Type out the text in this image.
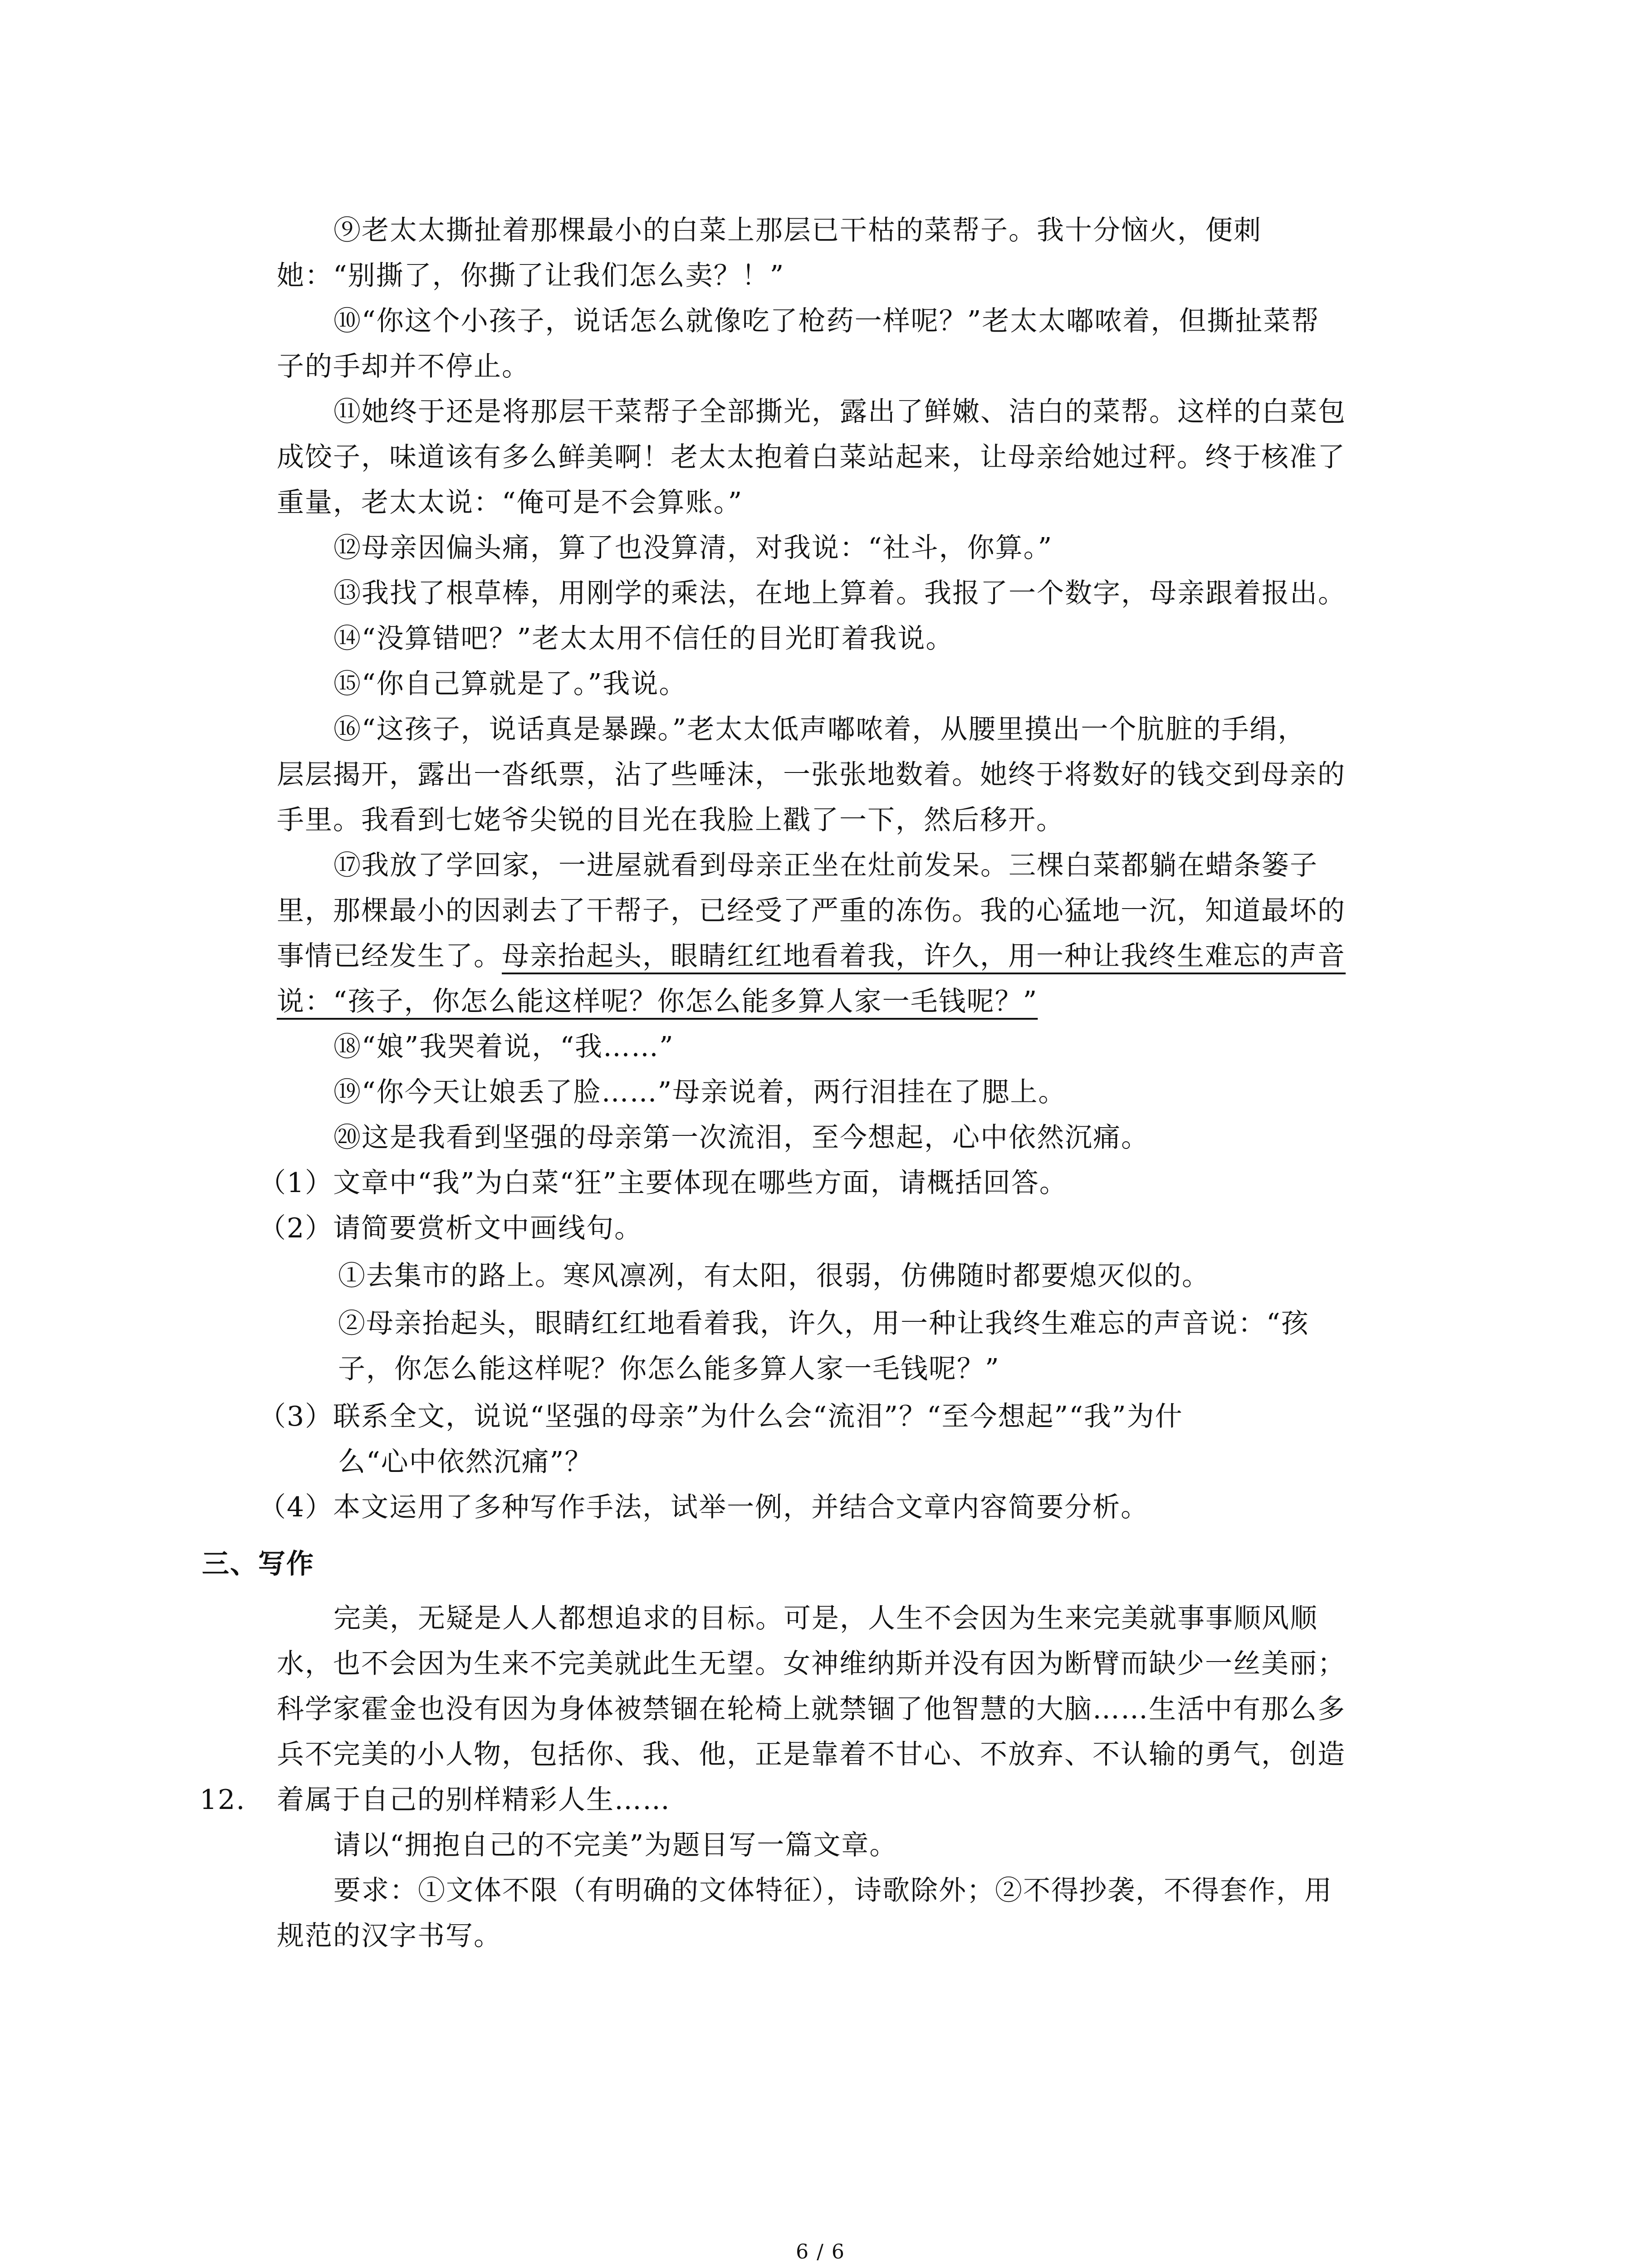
⑨老太太撕扯着那棵最小的白菜上那层已干枯的菜帮子。我十分恼火，便刺
她：“别撕了，你撕了让我们怎么卖？！”
⑩“你这个小孩子，说话怎么就像吃了枪药一样呢？”老太太嘟哝着，但撕扯菜帮
子的手却并不停止。
⑪她终于还是将那层干菜帮子全部撕光，露出了鲜嫩、洁白的菜帮。这样的白菜包
成饺子，味道该有多么鲜美啊！老太太抱着白菜站起来，让母亲给她过秤。终于核准了
重量，老太太说：“俺可是不会算账。”
⑫母亲因偏头痛，算了也没算清，对我说：“社斗，你算。”
⑬我找了根草棒，用刚学的乘法，在地上算着。我报了一个数字，母亲跟着报出。
⑭“没算错吧？”老太太用不信任的目光盯着我说。
⑮“你自己算就是了。”我说。
⑯“这孩子，说话真是暴躁。”老太太低声嘟哝着，从腰里摸出一个肮脏的手绢，
层层揭开，露出一沓纸票，沾了些唾沫，一张张地数着。她终于将数好的钱交到母亲的
手里。我看到七姥爷尖锐的目光在我脸上戳了一下，然后移开。
⑰我放了学回家，一进屋就看到母亲正坐在灶前发呆。三棵白菜都躺在蜡条篓子
里，那棵最小的因剥去了干帮子，已经受了严重的冻伤。我的心猛地一沉，知道最坏的
事情已经发生了。母亲抬起头，眼睛红红地看着我，许久，用一种让我终生难忘的声音
说：“孩子，你怎么能这样呢？你怎么能多算人家一毛钱呢？”
⑱“娘”我哭着说，“我……”
⑲“你今天让娘丢了脸……”母亲说着，两行泪挂在了腮上。
⑳这是我看到坚强的母亲第一次流泪，至今想起，心中依然沉痛。
（1）文章中“我”为白菜“狂”主要体现在哪些方面，请概括回答。
（2）请简要赏析文中画线句。
①去集市的路上。寒风凛冽，有太阳，很弱，仿佛随时都要熄灭似的。
②母亲抬起头，眼睛红红地看着我，许久，用一种让我终生难忘的声音说：“孩
子，你怎么能这样呢？你怎么能多算人家一毛钱呢？”
（3）联系全文，说说“坚强的母亲”为什么会“流泪”？“至今想起”“我”为什
么“心中依然沉痛”？
（4）本文运用了多种写作手法，试举一例，并结合文章内容简要分析。
三、写作
完美，无疑是人人都想追求的目标。可是，人生不会因为生来完美就事事顺风顺
水，也不会因为生来不完美就此生无望。女神维纳斯并没有因为断臂而缺少一丝美丽；
科学家霍金也没有因为身体被禁锢在轮椅上就禁锢了他智慧的大脑……生活中有那么多
兵不完美的小人物，包括你、我、他，正是靠着不甘心、不放弃、不认输的勇气，创造
12. 着属于自己的别样精彩人生……
请以“拥抱自己的不完美”为题目写一篇文章。
要求：①文体不限（有明确的文体特征），诗歌除外；②不得抄袭，不得套作，用
规范的汉字书写。
6 / 6
